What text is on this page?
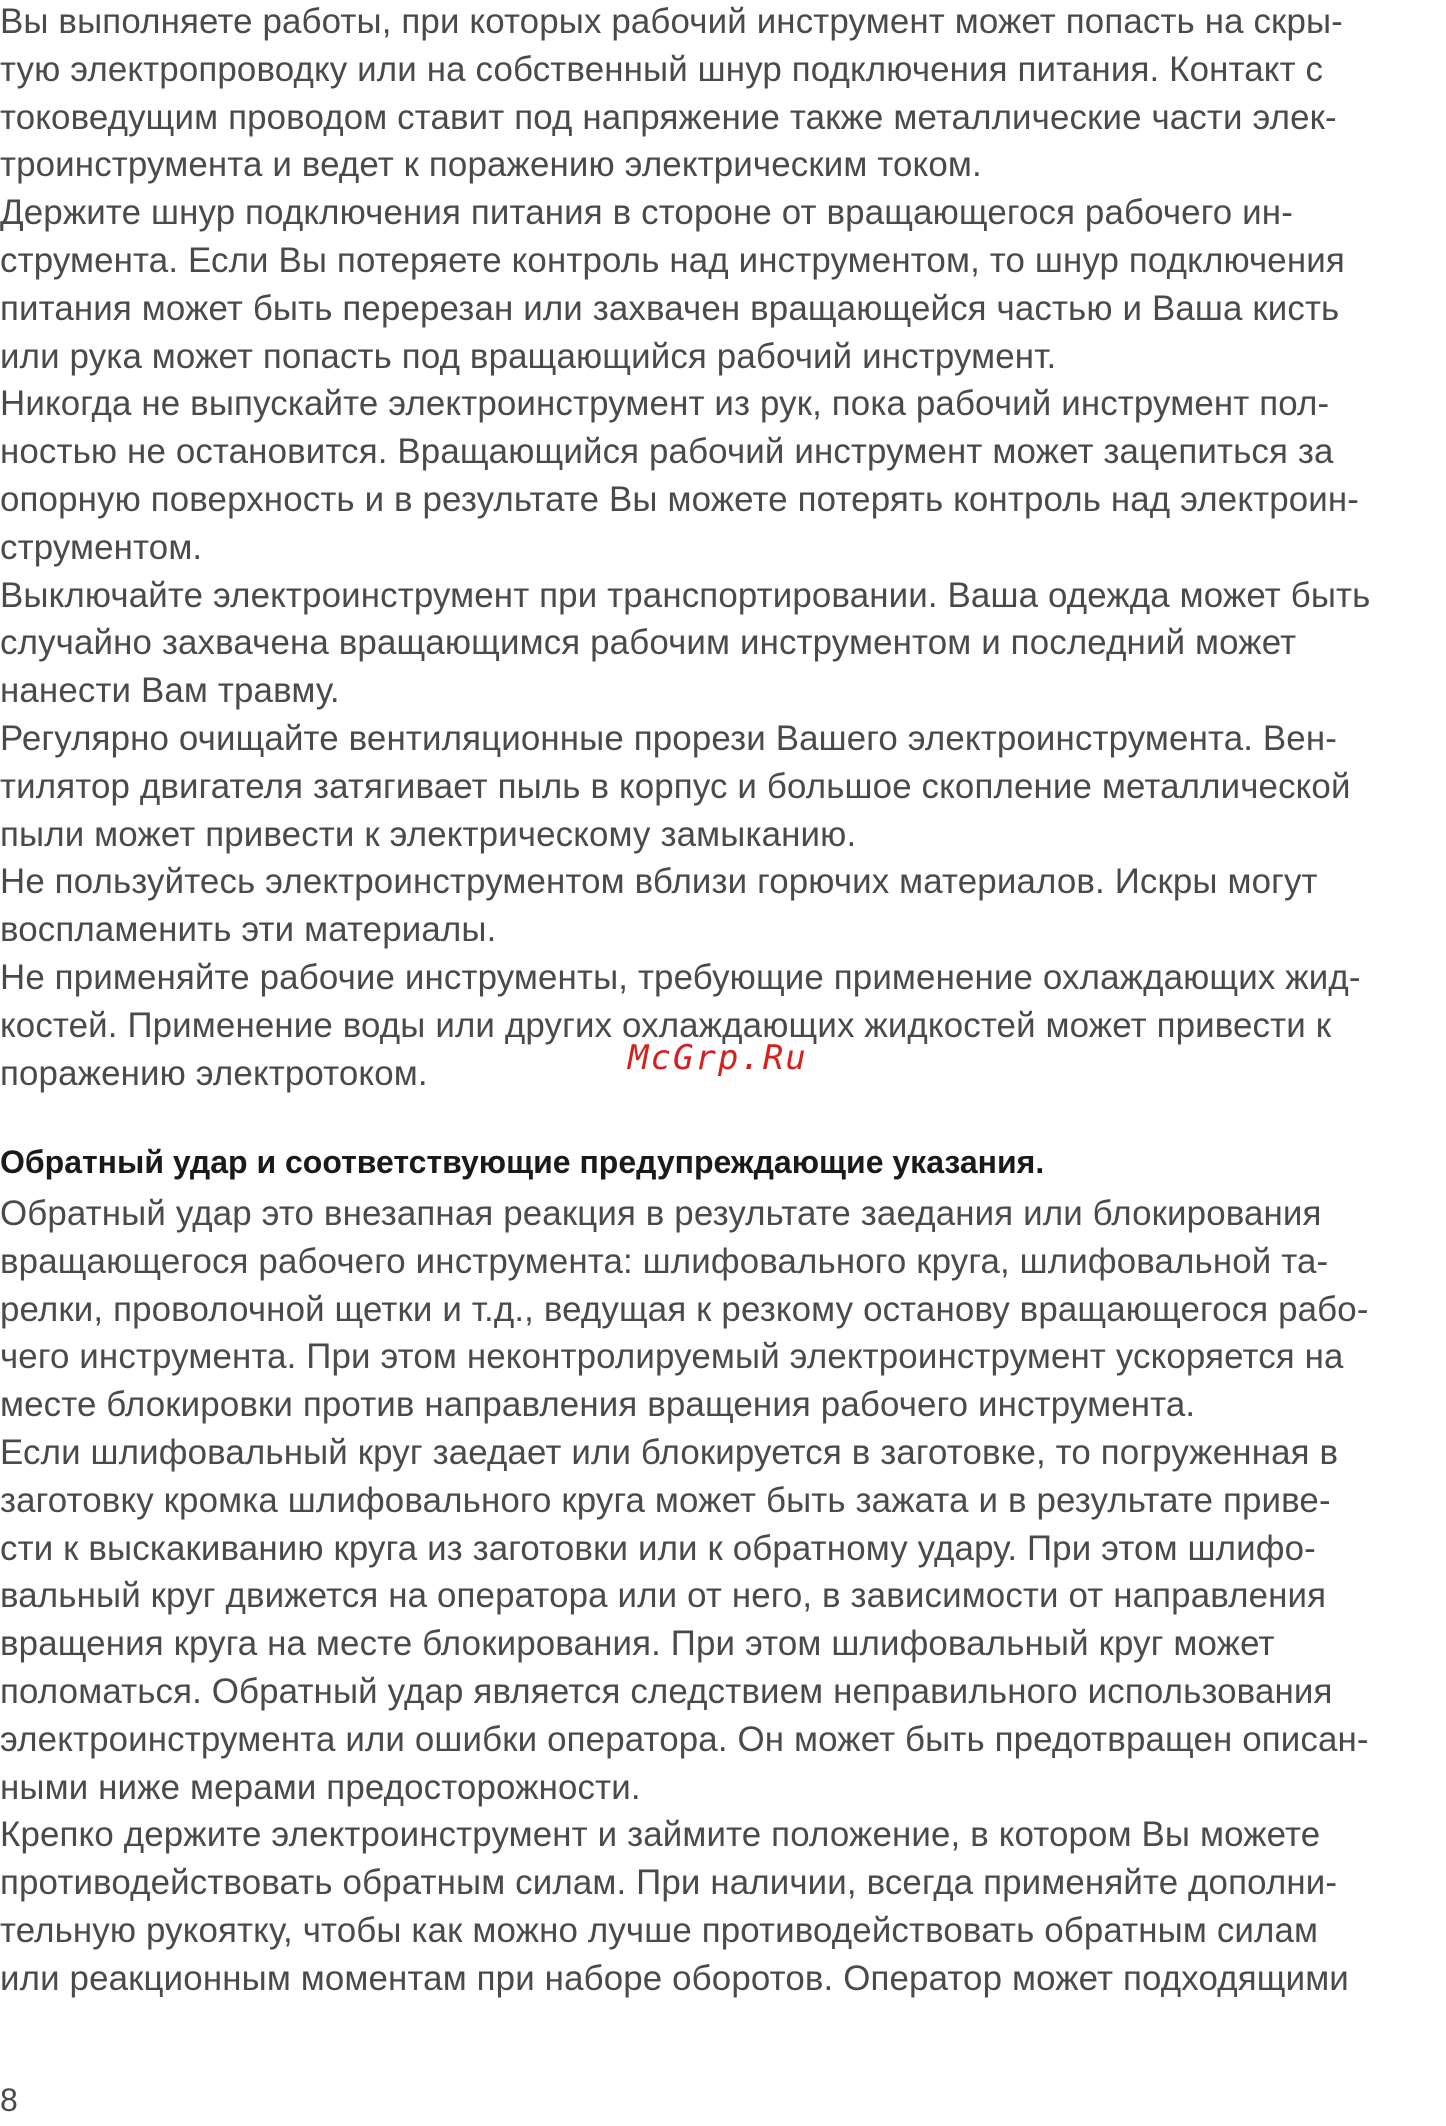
Вы выполняете работы, при которых рабочий инструмент может попасть на скры-
тую электропроводку или на собственный шнур подключения питания. Контакт с
токоведущим проводом ставит под напряжение также металлические части элек-
троинструмента и ведет к поражению электрическим током.
Держите шнур подключения питания в стороне от вращающегося рабочего ин-
струмента. Если Вы потеряете контроль над инструментом, то шнур подключения
питания может быть перерезан или захвачен вращающейся частью и Ваша кисть
или рука может попасть под вращающийся рабочий инструмент.
Никогда не выпускайте электроинструмент из рук, пока рабочий инструмент пол-
ностью не остановится. Вращающийся рабочий инструмент может зацепиться за
опорную поверхность и в результате Вы можете потерять контроль над электроин-
струментом.
Выключайте электроинструмент при транспортировании. Ваша одежда может быть
случайно захвачена вращающимся рабочим инструментом и последний может
нанести Вам травму.
Регулярно очищайте вентиляционные прорези Вашего электроинструмента. Вен-
тилятор двигателя затягивает пыль в корпус и большое скопление металлической
пыли может привести к электрическому замыканию.
Не пользуйтесь электроинструментом вблизи горючих материалов. Искры могут
воспламенить эти материалы.
Не применяйте рабочие инструменты, требующие применение охлаждающих жид-
костей. Применение воды или других охлаждающих жидкостей может привести к
поражению электротоком.	McGrp.Ru
Обратный удар и соответствующие предупреждающие указания.
Обратный удар это внезапная реакция в результате заедания или блокирования
вращающегося рабочего инструмента: шлифовального круга, шлифовальной та-
релки, проволочной щетки и т.д., ведущая к резкому останову вращающегося рабо-
чего инструмента. При этом неконтролируемый электроинструмент ускоряется на
месте блокировки против направления вращения рабочего инструмента.
Если шлифовальный круг заедает или блокируется в заготовке, то погруженная в
заготовку кромка шлифовального круга может быть зажата и в результате приве-
сти к выскакиванию круга из заготовки или к обратному удару. При этом шлифо-
вальный круг движется на оператора или от него, в зависимости от направления
вращения круга на месте блокирования. При этом шлифовальный круг может
поломаться. Обратный удар является следствием неправильного использования
электроинструмента или ошибки оператора. Он может быть предотвращен описан-
ными ниже мерами предосторожности.
Крепко держите электроинструмент и займите положение, в котором Вы можете
противодействовать обратным силам. При наличии, всегда применяйте дополни-
тельную рукоятку, чтобы как можно лучше противодействовать обратным силам
или реакционным моментам при наборе оборотов. Оператор может подходящими
8
